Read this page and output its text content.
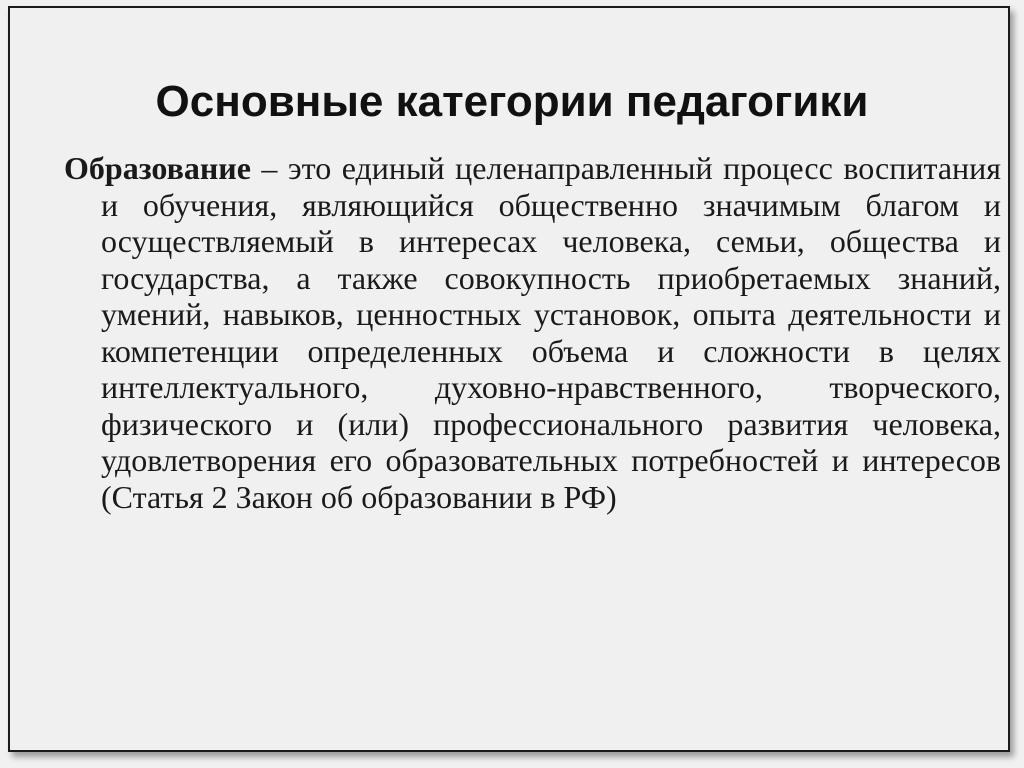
Основные категории педагогики

Образование – это единый целенаправленный процесс воспитания и обучения, являющийся общественно значимым благом и осуществляемый в интересах человека, семьи, общества и государства, а также совокупность приобретаемых знаний, умений, навыков, ценностных установок, опыта деятельности и компетенции определенных объема и сложности в целях интеллектуального, духовно-нравственного, творческого, физического и (или) профессионального развития человека, удовлетворения его образовательных потребностей и интересов (Статья 2 Закон об образовании в РФ)
